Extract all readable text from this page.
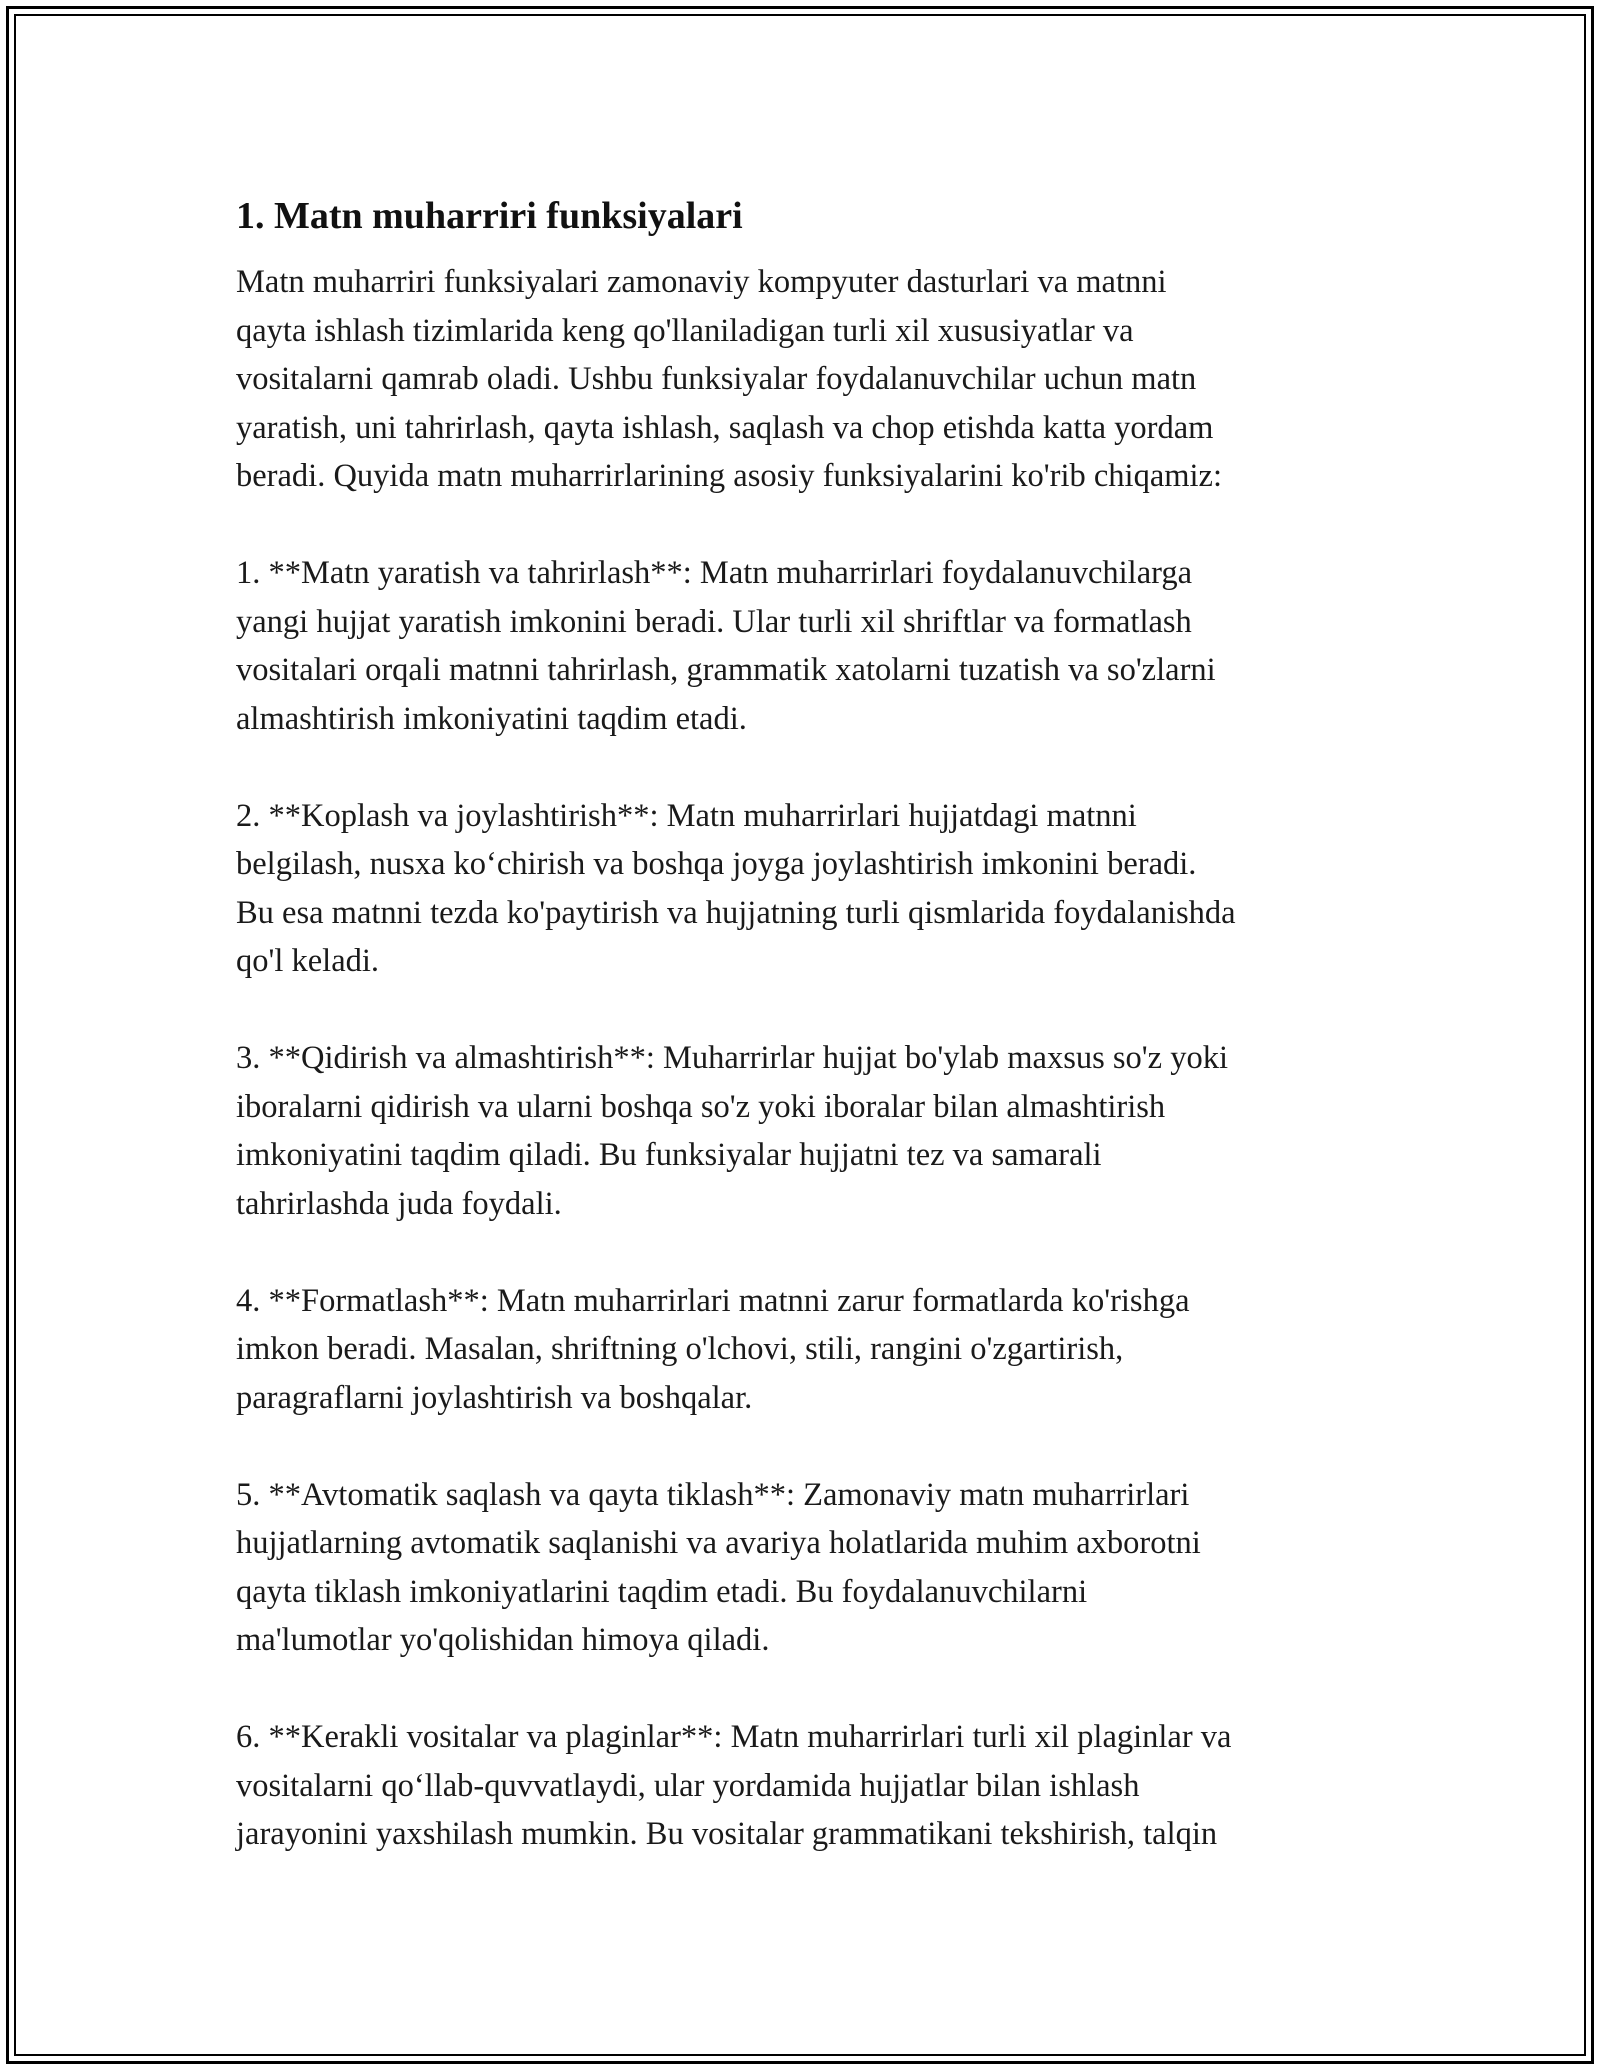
1. Matn muharriri funksiyalari

Matn muharriri funksiyalari zamonaviy kompyuter dasturlari va matnni
qayta ishlash tizimlarida keng qo'llaniladigan turli xil xususiyatlar va
vositalarni qamrab oladi. Ushbu funksiyalar foydalanuvchilar uchun matn
yaratish, uni tahrirlash, qayta ishlash, saqlash va chop etishda katta yordam
beradi. Quyida matn muharrirlarining asosiy funksiyalarini ko'rib chiqamiz:

1. **Matn yaratish va tahrirlash**: Matn muharrirlari foydalanuvchilarga
yangi hujjat yaratish imkonini beradi. Ular turli xil shriftlar va formatlash
vositalari orqali matnni tahrirlash, grammatik xatolarni tuzatish va so'zlarni
almashtirish imkoniyatini taqdim etadi.

2. **Koplash va joylashtirish**: Matn muharrirlari hujjatdagi matnni
belgilash, nusxa ko‘chirish va boshqa joyga joylashtirish imkonini beradi.
Bu esa matnni tezda ko'paytirish va hujjatning turli qismlarida foydalanishda
qo'l keladi.

3. **Qidirish va almashtirish**: Muharrirlar hujjat bo'ylab maxsus so'z yoki
iboralarni qidirish va ularni boshqa so'z yoki iboralar bilan almashtirish
imkoniyatini taqdim qiladi. Bu funksiyalar hujjatni tez va samarali
tahrirlashda juda foydali.

4. **Formatlash**: Matn muharrirlari matnni zarur formatlarda ko'rishga
imkon beradi. Masalan, shriftning o'lchovi, stili, rangini o'zgartirish,
paragraflarni joylashtirish va boshqalar.

5. **Avtomatik saqlash va qayta tiklash**: Zamonaviy matn muharrirlari
hujjatlarning avtomatik saqlanishi va avariya holatlarida muhim axborotni
qayta tiklash imkoniyatlarini taqdim etadi. Bu foydalanuvchilarni
ma'lumotlar yo'qolishidan himoya qiladi.

6. **Kerakli vositalar va plaginlar**: Matn muharrirlari turli xil plaginlar va
vositalarni qo‘llab-quvvatlaydi, ular yordamida hujjatlar bilan ishlash
jarayonini yaxshilash mumkin. Bu vositalar grammatikani tekshirish, talqin
